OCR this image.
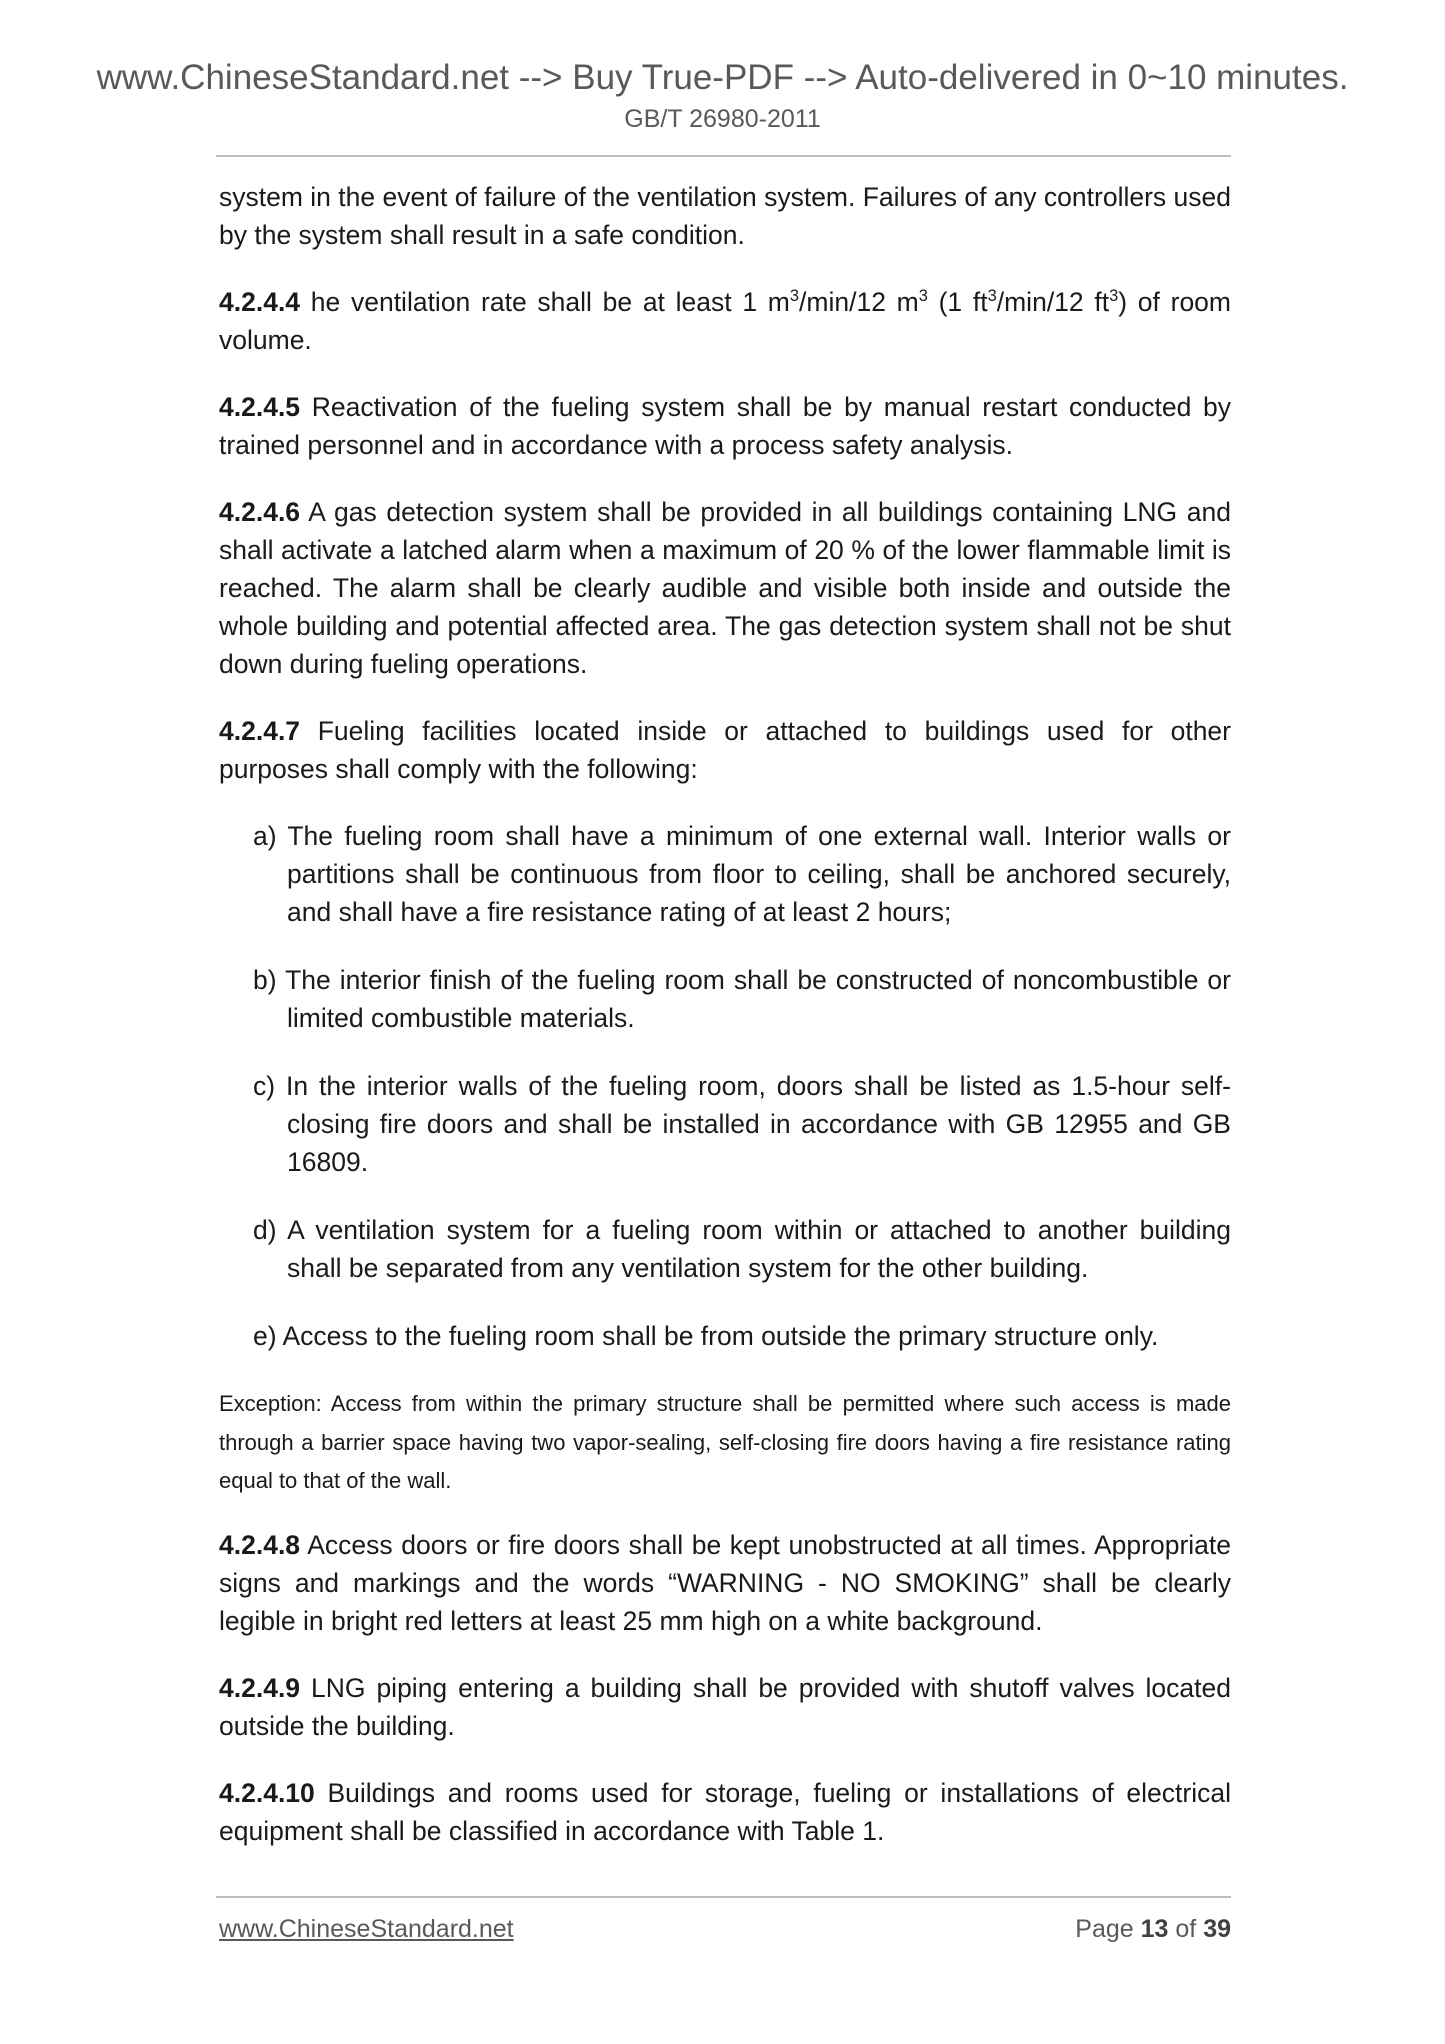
www.ChineseStandard.net --> Buy True-PDF --> Auto-delivered in 0~10 minutes.
GB/T 26980-2011

system in the event of failure of the ventilation system. Failures of any controllers used by the system shall result in a safe condition.

4.2.4.4 he ventilation rate shall be at least 1 $m^3/\min/12$ $m^3$ (1 $ft^3/\min/12$ $ft^3$) of room volume.

4.2.4.5 Reactivation of the fueling system shall be by manual restart conducted by trained personnel and in accordance with a process safety analysis.

4.2.4.6 A gas detection system shall be provided in all buildings containing LNG and shall activate a latched alarm when a maximum of 20 % of the lower flammable limit is reached. The alarm shall be clearly audible and visible both inside and outside the whole building and potential affected area. The gas detection system shall not be shut down during fueling operations.

4.2.4.7 Fueling facilities located inside or attached to buildings used for other purposes shall comply with the following:

a) The fueling room shall have a minimum of one external wall. Interior walls or partitions shall be continuous from floor to ceiling, shall be anchored securely, and shall have a fire resistance rating of at least 2 hours;

b) The interior finish of the fueling room shall be constructed of noncombustible or limited combustible materials.

c) In the interior walls of the fueling room, doors shall be listed as 1.5-hour self-closing fire doors and shall be installed in accordance with GB 12955 and GB 16809.

d) A ventilation system for a fueling room within or attached to another building shall be separated from any ventilation system for the other building.

e) Access to the fueling room shall be from outside the primary structure only.

Exception: Access from within the primary structure shall be permitted where such access is made through a barrier space having two vapor-sealing, self-closing fire doors having a fire resistance rating equal to that of the wall.

4.2.4.8 Access doors or fire doors shall be kept unobstructed at all times. Appropriate signs and markings and the words “WARNING - NO SMOKING” shall be clearly legible in bright red letters at least 25 mm high on a white background.

4.2.4.9 LNG piping entering a building shall be provided with shutoff valves located outside the building.

4.2.4.10 Buildings and rooms used for storage, fueling or installations of electrical equipment shall be classified in accordance with Table 1.

www.ChineseStandard.net	Page 13 of 39
